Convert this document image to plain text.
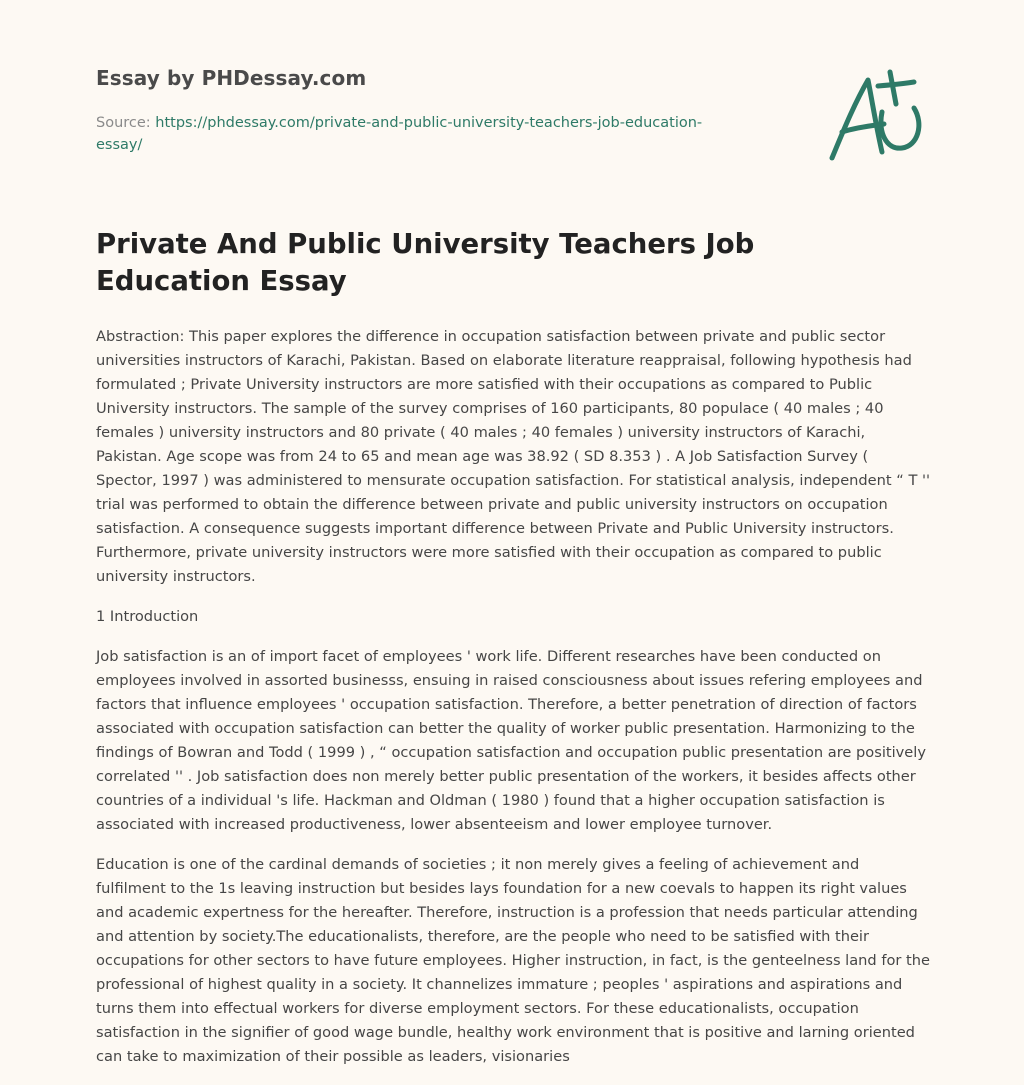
Essay by PHDessay.com
Source: https://phdessay.com/private-and-public-university-teachers-job-education-essay/
Private And Public University Teachers Job Education Essay

Abstraction: This paper explores the difference in occupation satisfaction between private and public sector universities instructors of Karachi, Pakistan. Based on elaborate literature reappraisal, following hypothesis had formulated ; Private University instructors are more satisfied with their occupations as compared to Public University instructors. The sample of the survey comprises of 160 participants, 80 populace ( 40 males ; 40 females ) university instructors and 80 private ( 40 males ; 40 females ) university instructors of Karachi, Pakistan. Age scope was from 24 to 65 and mean age was 38.92 ( SD 8.353 ) . A Job Satisfaction Survey ( Spector, 1997 ) was administered to mensurate occupation satisfaction. For statistical analysis, independent “ T '' trial was performed to obtain the difference between private and public university instructors on occupation satisfaction. A consequence suggests important difference between Private and Public University instructors. Furthermore, private university instructors were more satisfied with their occupation as compared to public university instructors.

1 Introduction

Job satisfaction is an of import facet of employees ' work life. Different researches have been conducted on employees involved in assorted businesss, ensuing in raised consciousness about issues refering employees and factors that influence employees ' occupation satisfaction. Therefore, a better penetration of direction of factors associated with occupation satisfaction can better the quality of worker public presentation. Harmonizing to the findings of Bowran and Todd ( 1999 ) , “ occupation satisfaction and occupation public presentation are positively correlated '' . Job satisfaction does non merely better public presentation of the workers, it besides affects other countries of a individual 's life. Hackman and Oldman ( 1980 ) found that a higher occupation satisfaction is associated with increased productiveness, lower absenteeism and lower employee turnover.

Education is one of the cardinal demands of societies ; it non merely gives a feeling of achievement and fulfilment to the 1s leaving instruction but besides lays foundation for a new coevals to happen its right values and academic expertness for the hereafter. Therefore, instruction is a profession that needs particular attending and attention by society.The educationalists, therefore, are the people who need to be satisfied with their occupations for other sectors to have future employees. Higher instruction, in fact, is the genteelness land for the professional of highest quality in a society. It channelizes immature ; peoples ' aspirations and aspirations and turns them into effectual workers for diverse employment sectors. For these educationalists, occupation satisfaction in the signifier of good wage bundle, healthy work environment that is positive and larning oriented can take to maximization of their possible as leaders, visionaries
